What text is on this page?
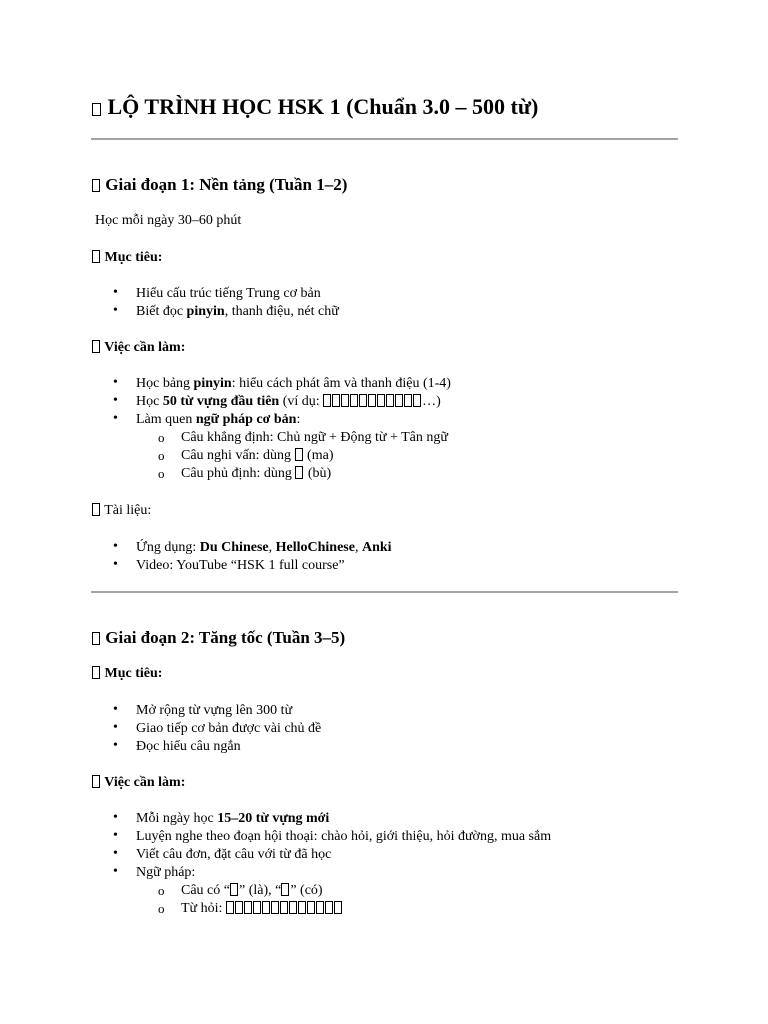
LỘ TRÌNH HỌC HSK 1 (Chuẩn 3.0 – 500 từ)
Giai đoạn 1: Nền tảng (Tuần 1–2)
Học mỗi ngày 30–60 phút
Mục tiêu:
• Hiểu cấu trúc tiếng Trung cơ bản
• Biết đọc pinyin, thanh điệu, nét chữ
Việc cần làm:
• Học bảng pinyin: hiểu cách phát âm và thanh điệu (1-4)
• Học 50 từ vựng đầu tiên (ví dụ:	…)
• Làm quen ngữ pháp cơ bản:
o Câu khẳng định: Chủ ngữ + Động từ + Tân ngữ
o Câu nghi vấn: dùng  (ma)
o Câu phủ định: dùng  (bù)
Tài liệu:
• Ứng dụng: Du Chinese, HelloChinese, Anki
• Video: YouTube “HSK 1 full course”
Giai đoạn 2: Tăng tốc (Tuần 3–5)
Mục tiêu:
• Mở rộng từ vựng lên 300 từ
• Giao tiếp cơ bản được vài chủ đề
• Đọc hiểu câu ngắn
Việc cần làm:
• Mỗi ngày học 15–20 từ vựng mới
• Luyện nghe theo đoạn hội thoại: chào hỏi, giới thiệu, hỏi đường, mua sắm
• Viết câu đơn, đặt câu với từ đã học
• Ngữ pháp:
o Câu có “ ” (là), “ ” (có)
o Từ hỏi:
